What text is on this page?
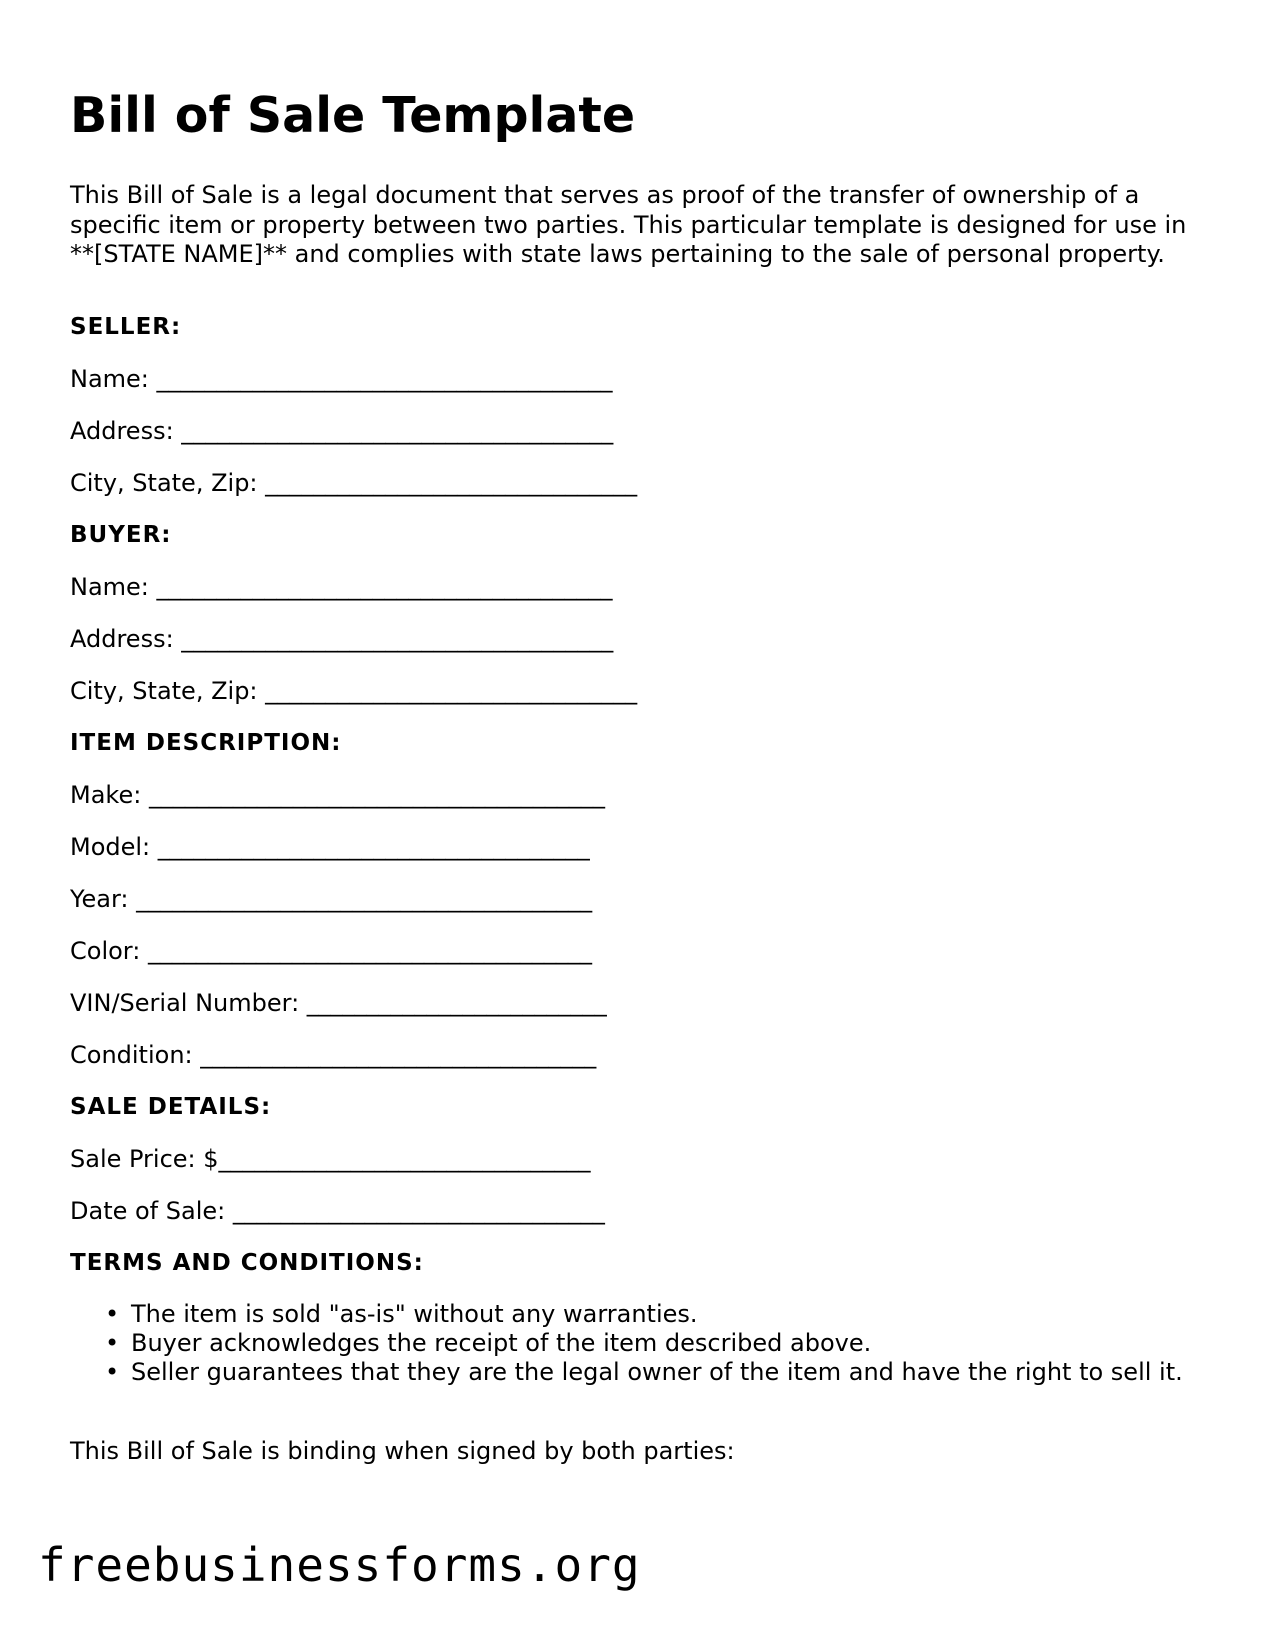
Bill of Sale Template

This Bill of Sale is a legal document that serves as proof of the transfer of ownership of a specific item or property between two parties. This particular template is designed for use in **[STATE NAME]** and complies with state laws pertaining to the sale of personal property.

SELLER:
Name: ______________________________________
Address: ____________________________________
City, State, Zip: _______________________________
BUYER:
Name: ______________________________________
Address: ____________________________________
City, State, Zip: _______________________________
ITEM DESCRIPTION:
Make: ______________________________________
Model: ____________________________________
Year: ______________________________________
Color: _____________________________________
VIN/Serial Number: _________________________
Condition: _________________________________
SALE DETAILS:
Sale Price: $_______________________________
Date of Sale: _______________________________
TERMS AND CONDITIONS:
• The item is sold "as-is" without any warranties.
• Buyer acknowledges the receipt of the item described above.
• Seller guarantees that they are the legal owner of the item and have the right to sell it.
This Bill of Sale is binding when signed by both parties:
freebusinessforms.org
